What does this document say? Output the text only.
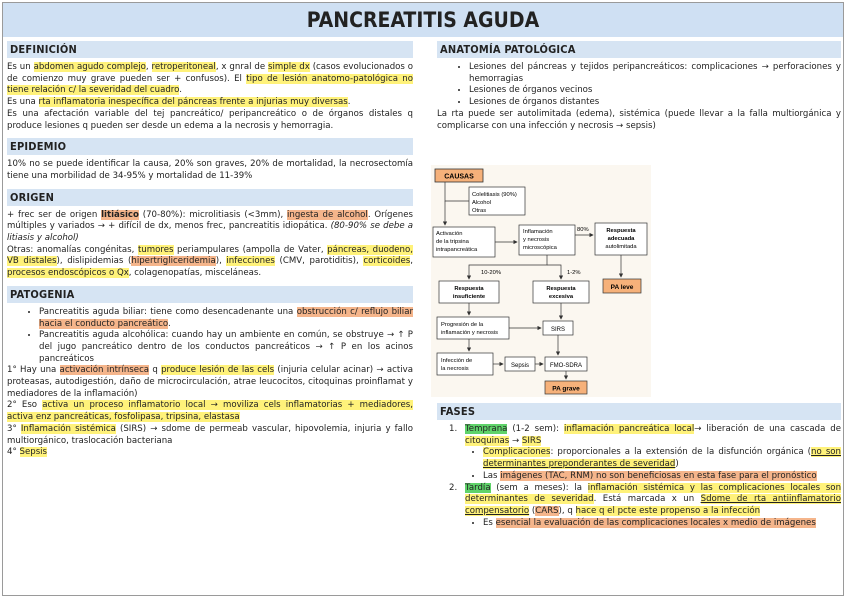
PANCREATITIS AGUDA
DEFINICIÓN

Es un abdomen agudo complejo, retroperitoneal, x gnral de simple dx (casos evolucionados o de comienzo muy grave pueden ser + confusos). El tipo de lesión anatomo-patológica no tiene relación c/ la severidad del cuadro.

Es una rta inflamatoria inespecífica del páncreas frente a injurias muy diversas.

Es una afectación variable del tej pancreático/ peripancreático o de órganos distales q produce lesiones q pueden ser desde un edema a la necrosis y hemorragia.

EPIDEMIO

10% no se puede identificar la causa, 20% son graves, 20% de mortalidad, la necrosectomía tiene una morbilidad de 34-95% y mortalidad de 11-39%

ORIGEN

+ frec ser de origen litiásico (70-80%): microlitiasis (<3mm), ingesta de alcohol. Orígenes múltiples y variados → + difícil de dx, menos frec, pancreatitis idiopática. (80-90% se debe a litiasis y alcohol)

Otras: anomalías congénitas, tumores periampulares (ampolla de Vater, páncreas, duodeno, VB distales), dislipidemias (hipertrigliceridemia), infecciones (CMV, parotiditis), corticoides, procesos endoscópicos o Qx, colagenopatías, misceláneas.

PATOGENIA
• Pancreatitis aguda biliar: tiene como desencadenante una obstrucción c/ reflujo biliar hacia el conducto pancreático.
• Pancreatitis aguda alcohólica: cuando hay un ambiente en común, se obstruye → ↑ P del jugo pancreático dentro de los conductos pancreáticos → ↑ P en los acinos pancreáticos

1° Hay una activación intrínseca q produce lesión de las cels (injuria celular acinar) → activa proteasas, autodigestión, daño de microcirculación, atrae leucocitos, citoquinas proinflamat y mediadores de la inflamación)

2° Eso activa un proceso inflamatorio local → moviliza cels inflamatorias + mediadores, activa enz pancreáticas, fosfolipasa, tripsina, elastasa

3° Inflamación sistémica (SIRS) → sdome de permeab vascular, hipovolemia, injuria y fallo multiorgánico, traslocación bacteriana

4° Sepsis

ANATOMÍA PATOLÓGICA
• Lesiones del páncreas y tejidos peripancreáticos: complicaciones → perforaciones y hemorragias
• Lesiones de órganos vecinos
• Lesiones de órganos distantes

La rta puede ser autolimitada (edema), sistémica (puede llevar a la falla multiorgánica y complicarse con una infección y necrosis → sepsis)

CAUSAS
Colelitiasis (90%)
Alcohol
Otras
Activación
de la tripsina
intrapancreática
Inflamación
y necrosis
microscópica
80%	Respuesta
adecuada
autolimitada
10-20%	1-2%
Respuesta
insuficiente
Respuesta
excesiva
PA leve
Progresión de la
inflamación y necrosis	SIRS
Infección de
la necrosis	Sepsis	FMO-SDRA
PA grave
FASES
1. Temprana (1-2 sem): inflamación pancreática local→ liberación de una cascada de citoquinas → SIRS
• Complicaciones: proporcionales a la extensión de la disfunción orgánica (no son determinantes preponderantes de severidad)
• Las imágenes (TAC, RNM) no son beneficiosas en esta fase para el pronóstico
2. Tardía (sem a meses): la inflamación sistémica y las complicaciones locales son determinantes de severidad. Está marcada x un Sdome de rta antiinflamatorio compensatorio (CARS), q hace q el pcte este propenso a la infección
• Es esencial la evaluación de las complicaciones locales x medio de imágenes
